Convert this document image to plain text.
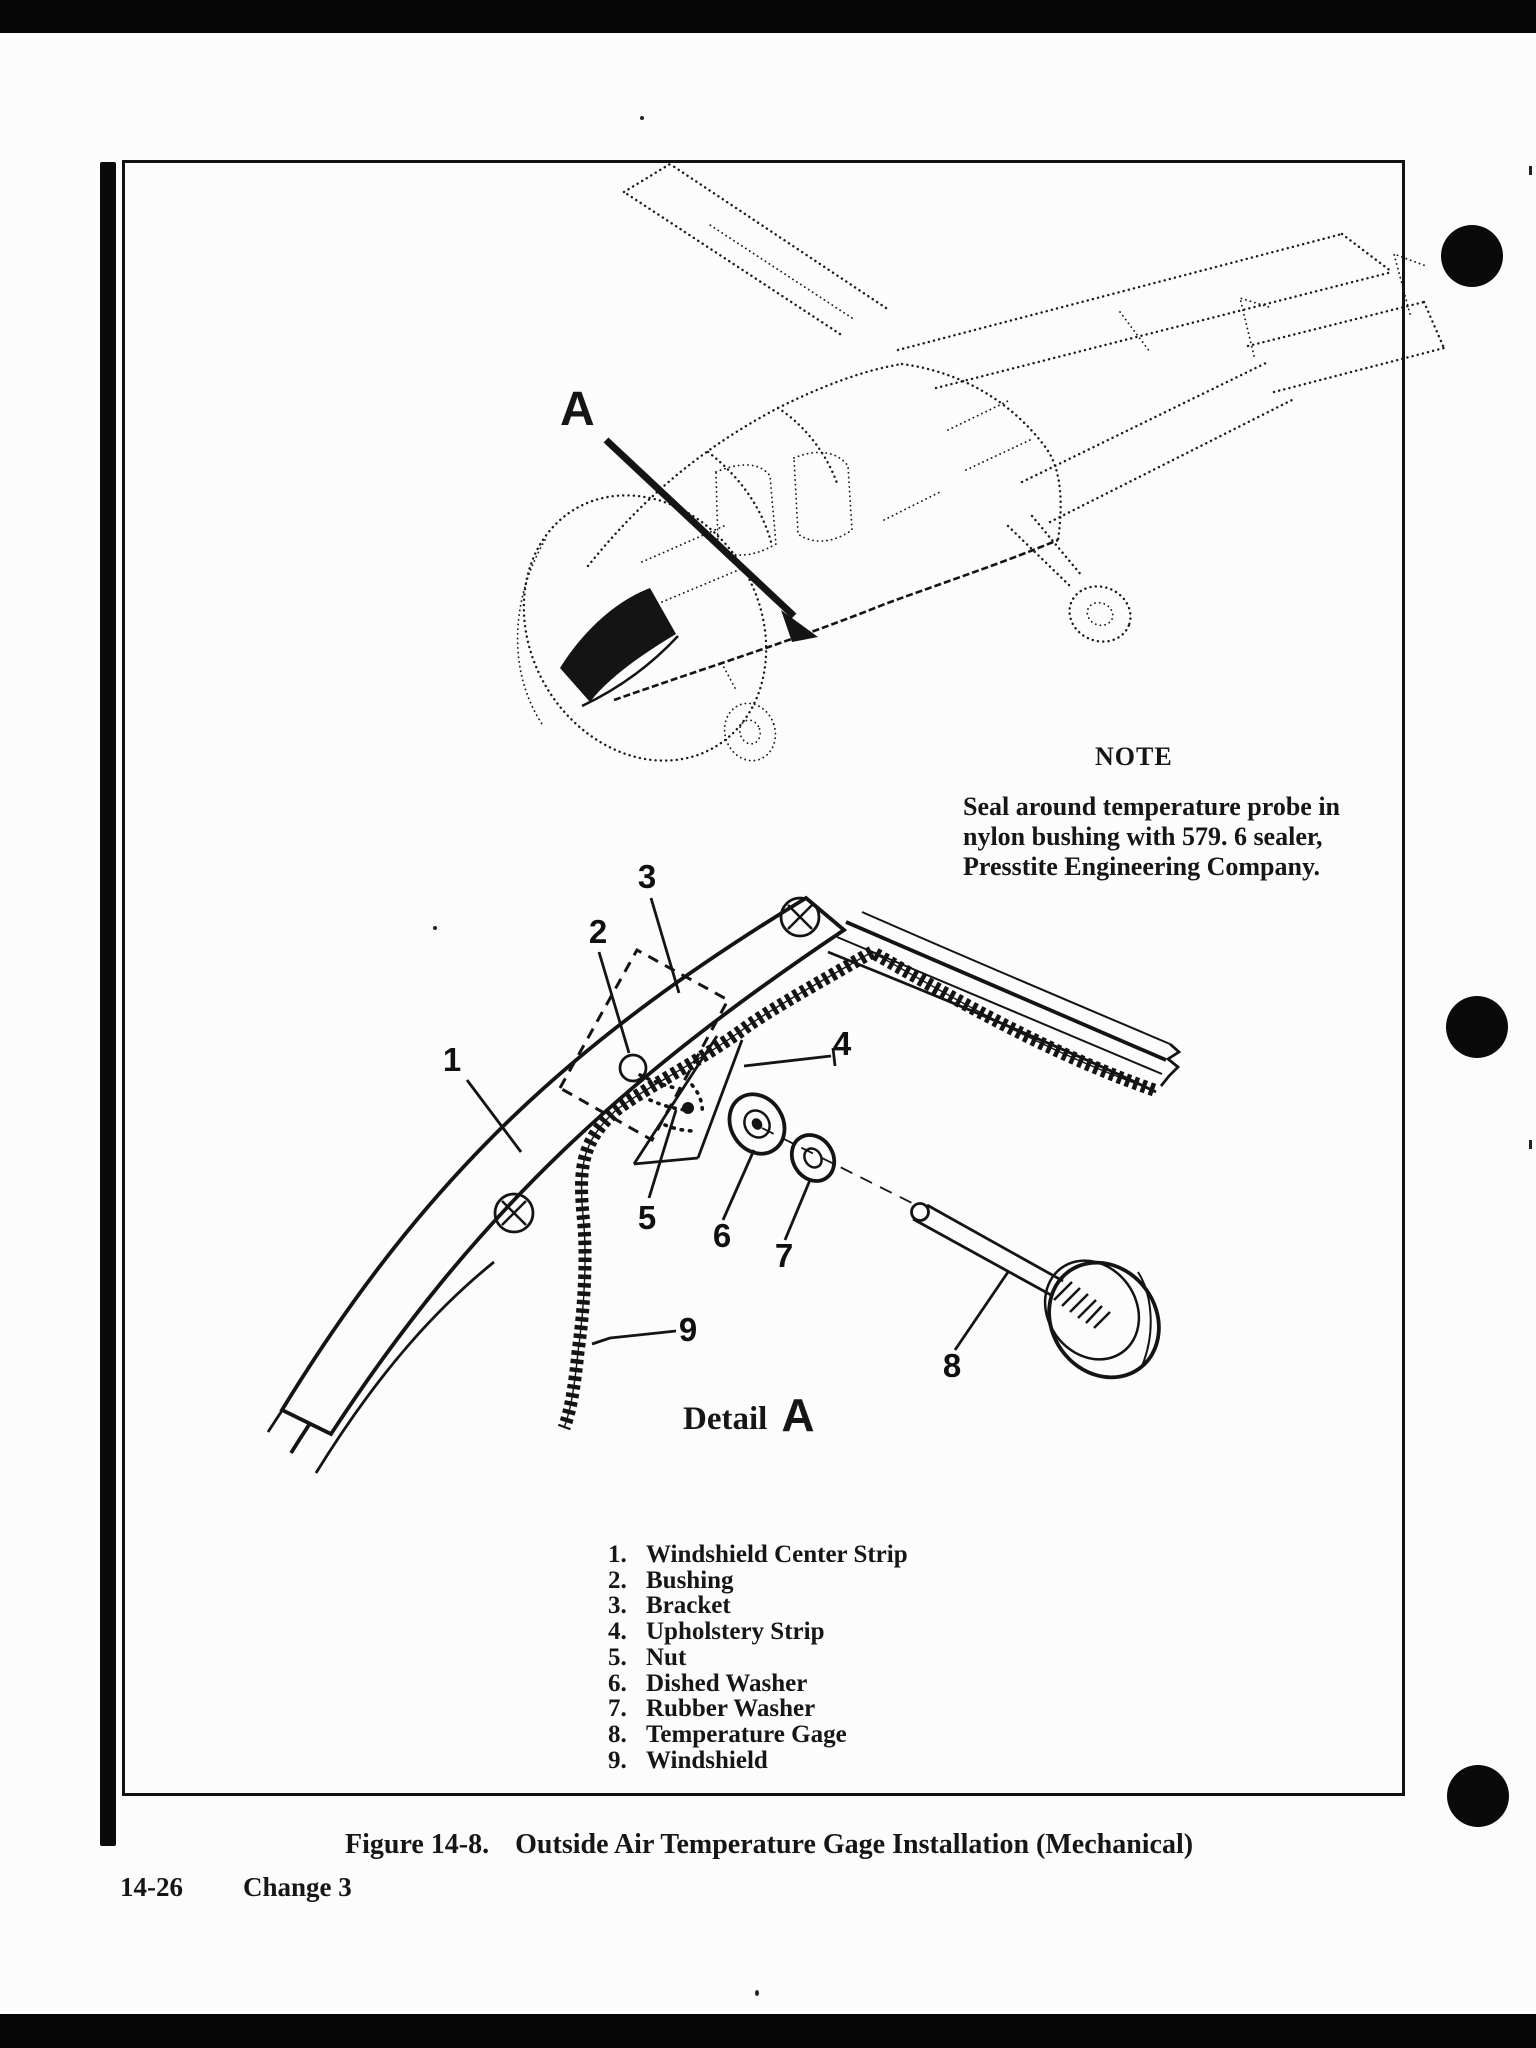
A
NOTE
Seal around temperature probe in
nylon bushing with 579. 6 sealer,
Presstite Engineering Company.
1
2
3
4
5 6
7
8
9
Detail A
1. Windshield Center Strip
2. Bushing
3. Bracket
4. Upholstery Strip
5. Nut
6. Dished Washer
7. Rubber Washer
8. Temperature Gage
9. Windshield
Figure 14-8. Outside Air Temperature Gage Installation (Mechanical)
14-26 Change 3
